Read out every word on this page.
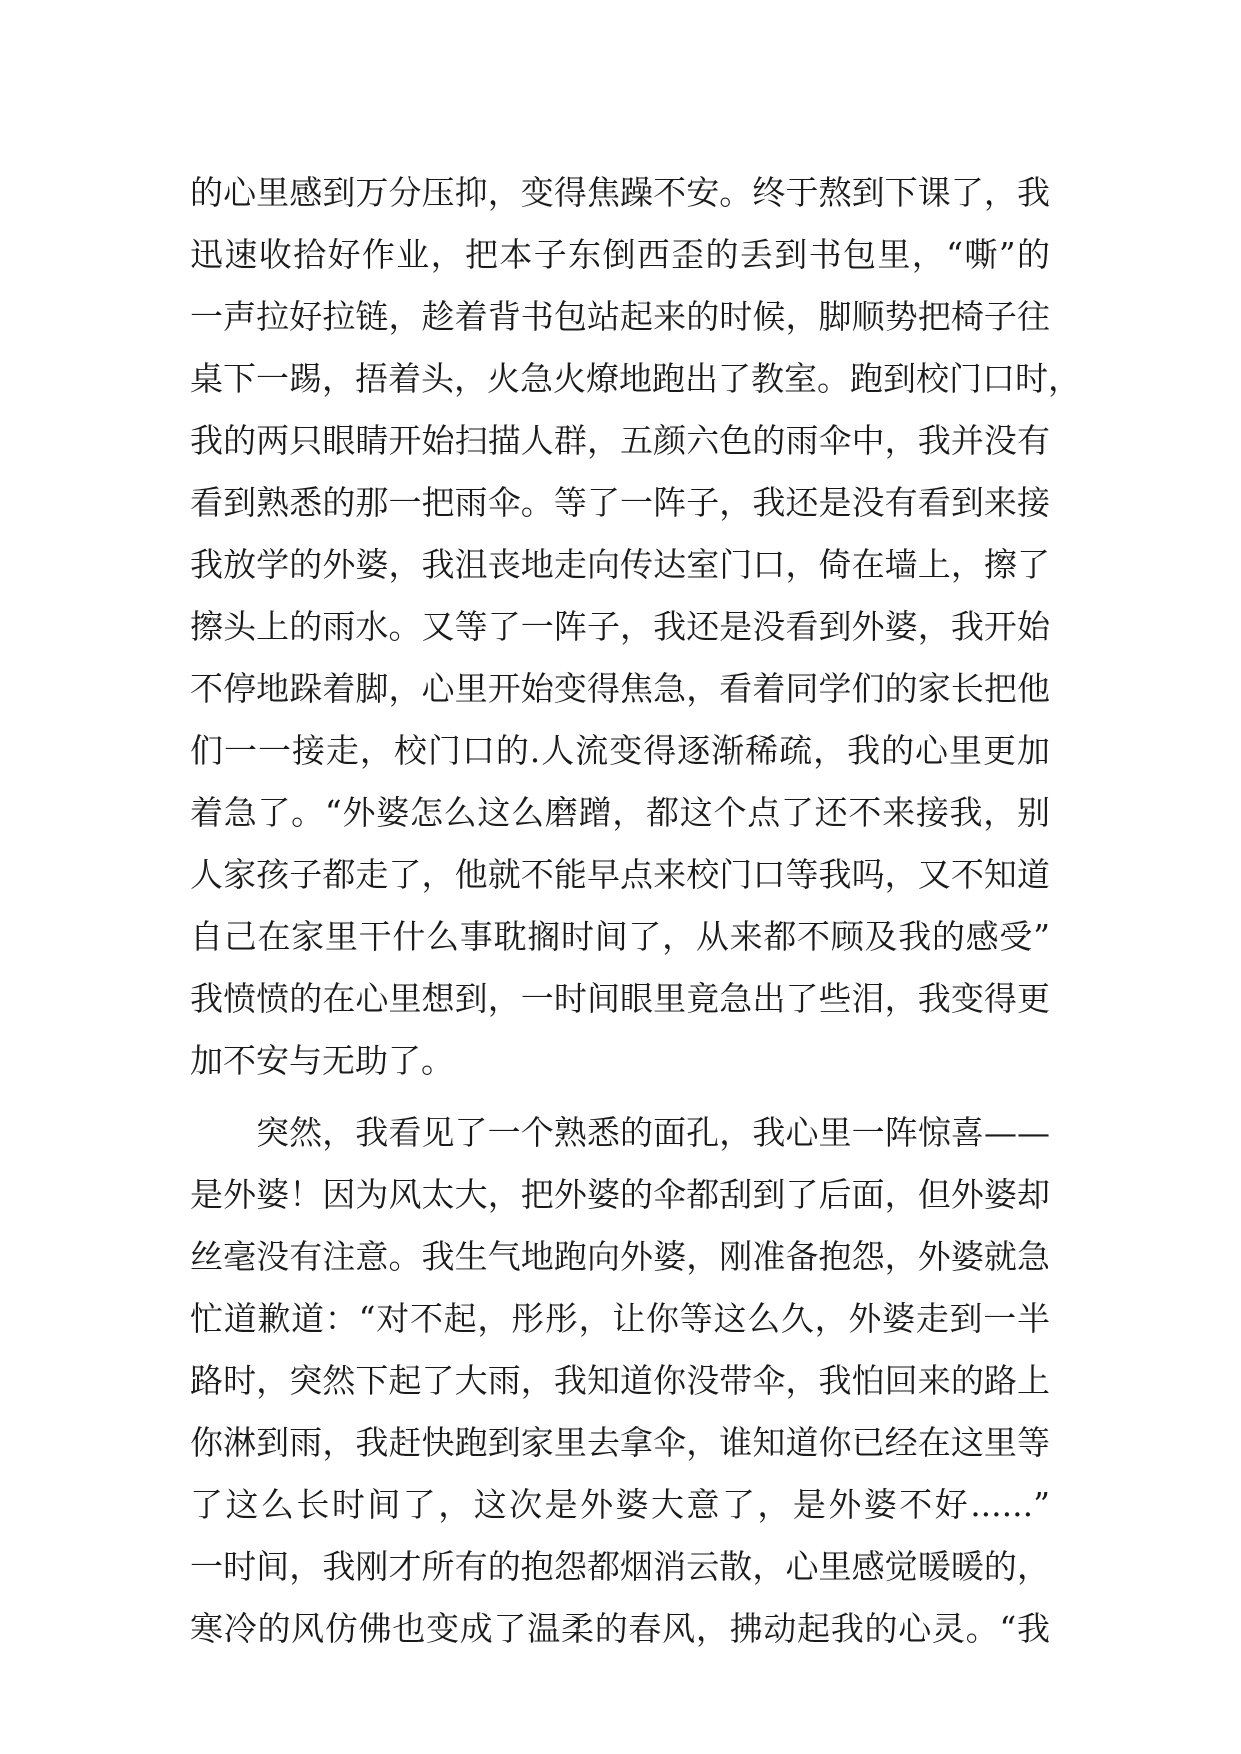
的心里感到万分压抑，变得焦躁不安。终于熬到下课了，我
迅速收拾好作业，把本子东倒西歪的丢到书包里，“嘶”的
一声拉好拉链，趁着背书包站起来的时候，脚顺势把椅子往
桌下一踢，捂着头，火急火燎地跑出了教室。跑到校门口时，
我的两只眼睛开始扫描人群，五颜六色的雨伞中，我并没有
看到熟悉的那一把雨伞。等了一阵子，我还是没有看到来接
我放学的外婆，我沮丧地走向传达室门口，倚在墙上，擦了
擦头上的雨水。又等了一阵子，我还是没看到外婆，我开始
不停地跺着脚，心里开始变得焦急，看着同学们的家长把他
们一一接走，校门口的.人流变得逐渐稀疏，我的心里更加
着急了。“外婆怎么这么磨蹭，都这个点了还不来接我，别
人家孩子都走了，他就不能早点来校门口等我吗，又不知道
自己在家里干什么事耽搁时间了，从来都不顾及我的感受”
我愤愤的在心里想到，一时间眼里竟急出了些泪，我变得更
加不安与无助了。
突然，我看见了一个熟悉的面孔，我心里一阵惊喜——
是外婆！因为风太大，把外婆的伞都刮到了后面，但外婆却
丝毫没有注意。我生气地跑向外婆，刚准备抱怨，外婆就急
忙道歉道：“对不起，彤彤，让你等这么久，外婆走到一半
路时，突然下起了大雨，我知道你没带伞，我怕回来的路上
你淋到雨，我赶快跑到家里去拿伞，谁知道你已经在这里等
了这么长时间了，这次是外婆大意了，是外婆不好......”
一时间，我刚才所有的抱怨都烟消云散，心里感觉暖暖的，
寒冷的风仿佛也变成了温柔的春风，拂动起我的心灵。“我
